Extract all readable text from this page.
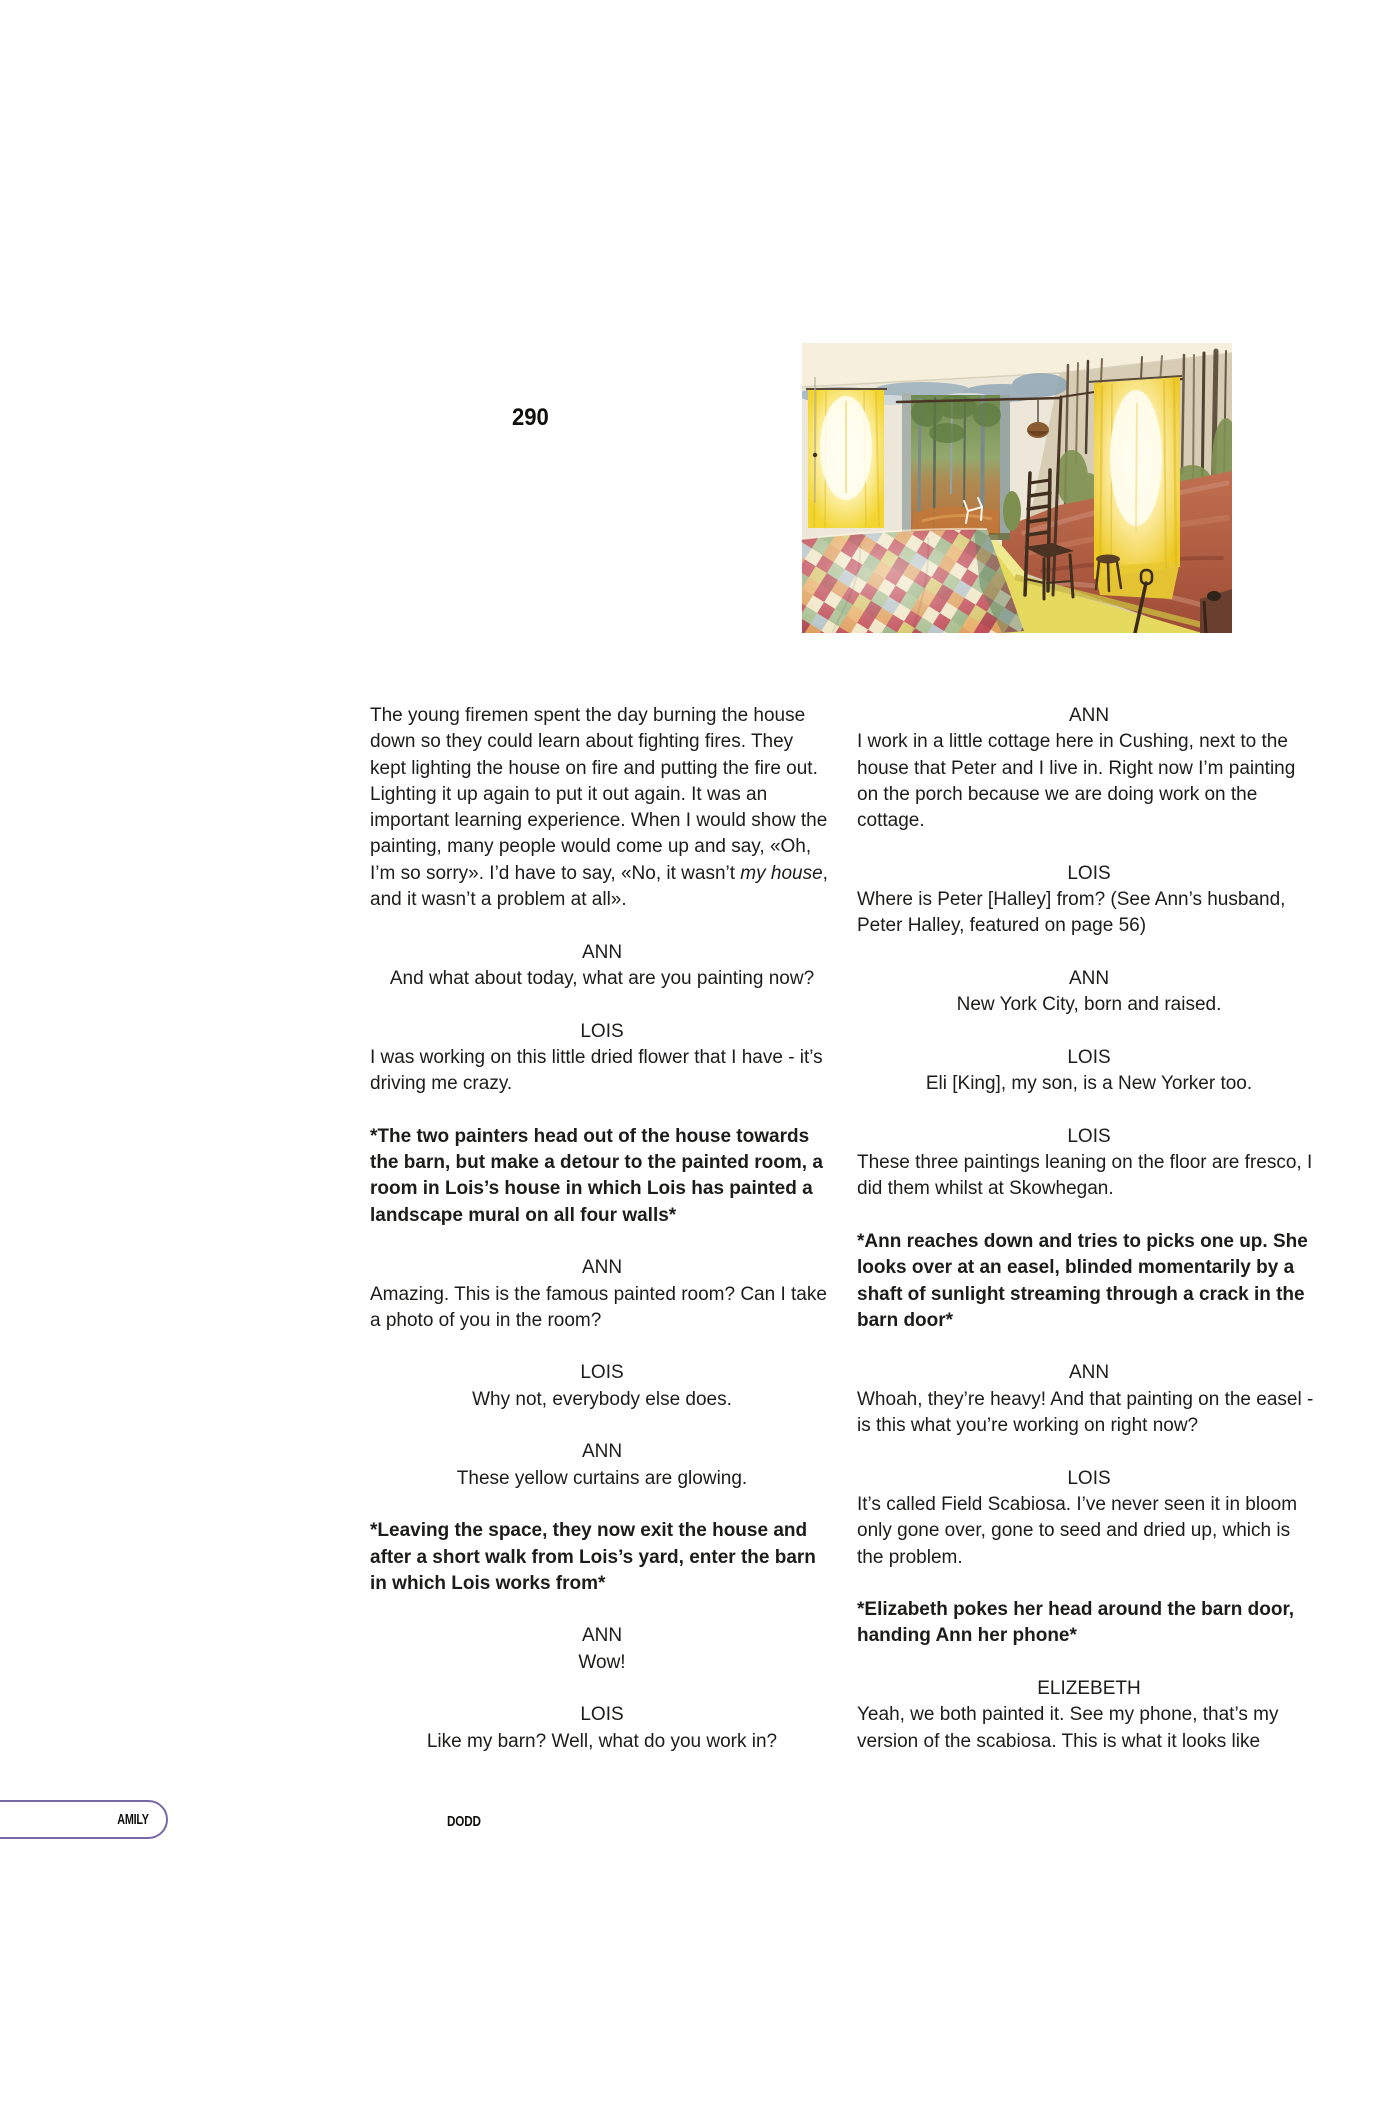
290
The young firemen spent the day burning the house down so they could learn about fighting fires. They kept lighting the house on fire and putting the fire out. Lighting it up again to put it out again. It was an important learning experience. When I would show the painting, many people would come up and say, «Oh, I’m so sorry». I’d have to say, «No, it wasn’t my house, and it wasn’t a problem at all».
ANN
And what about today, what are you painting now?
LOIS
I was working on this little dried flower that I have - it’s driving me crazy.
*The two painters head out of the house towards the barn, but make a detour to the painted room, a room in Lois’s house in which Lois has painted a landscape mural on all four walls*
ANN
Amazing. This is the famous painted room? Can I take a photo of you in the room?
LOIS
Why not, everybody else does.
ANN
These yellow curtains are glowing.
*Leaving the space, they now exit the house and after a short walk from Lois’s yard, enter the barn in which Lois works from*
ANN
Wow!
LOIS
Like my barn? Well, what do you work in?
ANN
I work in a little cottage here in Cushing, next to the house that Peter and I live in. Right now I’m painting on the porch because we are doing work on the cottage.
LOIS
Where is Peter [Halley] from? (See Ann’s husband, Peter Halley, featured on page 56)
ANN
New York City, born and raised.
LOIS
Eli [King], my son, is a New Yorker too.
LOIS
These three paintings leaning on the floor are fresco, I did them whilst at Skowhegan.
*Ann reaches down and tries to picks one up. She looks over at an easel, blinded momentarily by a shaft of sunlight streaming through a crack in the barn door*
ANN
Whoah, they’re heavy! And that painting on the easel - is this what you’re working on right now?
LOIS
It’s called Field Scabiosa. I’ve never seen it in bloom only gone over, gone to seed and dried up, which is the problem.
*Elizabeth pokes her head around the barn door, handing Ann her phone*
ELIZEBETH
Yeah, we both painted it. See my phone, that’s my version of the scabiosa. This is what it looks like
AMILY	DODD
